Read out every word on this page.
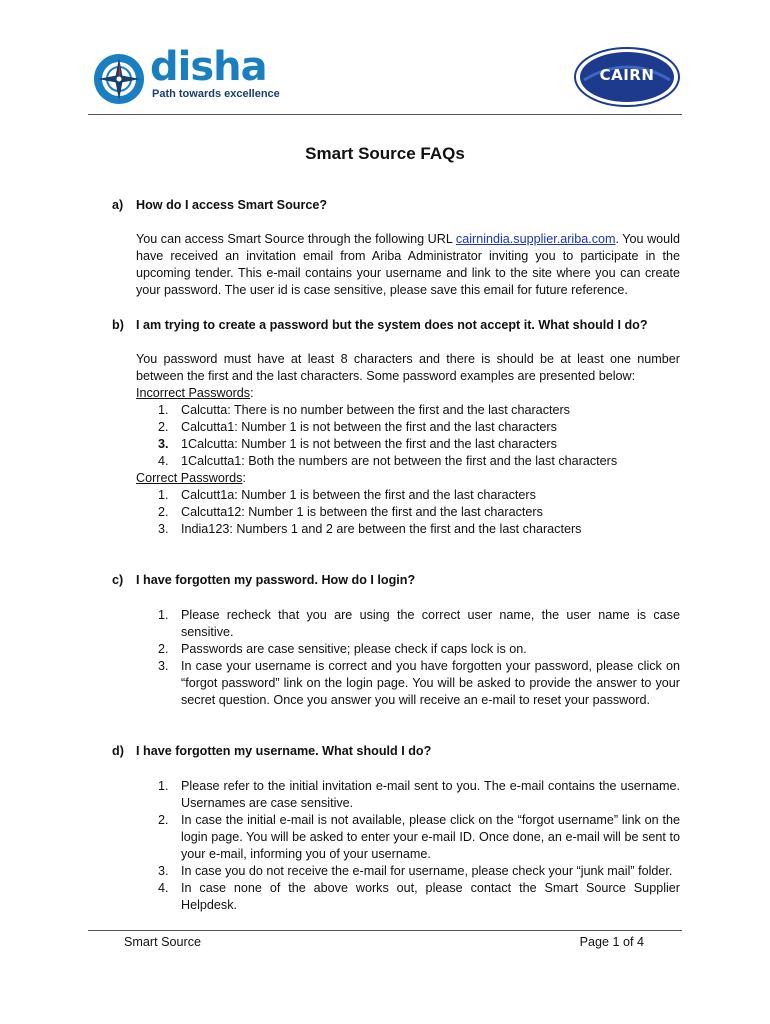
disha
Path towards excellence
CAIRN
Smart Source FAQs
a) How do I access Smart Source?

You can access Smart Source through the following URL cairnindia.supplier.ariba.com. You would have received an invitation email from Ariba Administrator inviting you to participate in the upcoming tender. This e-mail contains your username and link to the site where you can create your password. The user id is case sensitive, please save this email for future reference.

b) I am trying to create a password but the system does not accept it. What should I do?

You password must have at least 8 characters and there is should be at least one number between the first and the last characters. Some password examples are presented below:

Incorrect Passwords:
1. Calcutta: There is no number between the first and the last characters
2. Calcutta1: Number 1 is not between the first and the last characters
3. 1Calcutta: Number 1 is not between the first and the last characters
4. 1Calcutta1: Both the numbers are not between the first and the last characters
Correct Passwords:
1. Calcutt1a: Number 1 is between the first and the last characters
2. Calcutta12: Number 1 is between the first and the last characters
3. India123: Numbers 1 and 2 are between the first and the last characters
c) I have forgotten my password. How do I login?
1. Please recheck that you are using the correct user name, the user name is case sensitive.
2. Passwords are case sensitive; please check if caps lock is on.
3. In case your username is correct and you have forgotten your password, please click on “forgot password” link on the login page. You will be asked to provide the answer to your secret question. Once you answer you will receive an e-mail to reset your password.
d) I have forgotten my username. What should I do?
1. Please refer to the initial invitation e-mail sent to you. The e-mail contains the username. Usernames are case sensitive.
2. In case the initial e-mail is not available, please click on the “forgot username” link on the login page. You will be asked to enter your e-mail ID. Once done, an e-mail will be sent to your e-mail, informing you of your username.
3. In case you do not receive the e-mail for username, please check your “junk mail” folder.
4. In case none of the above works out, please contact the Smart Source Supplier Helpdesk.
Smart Source	Page 1 of 4
